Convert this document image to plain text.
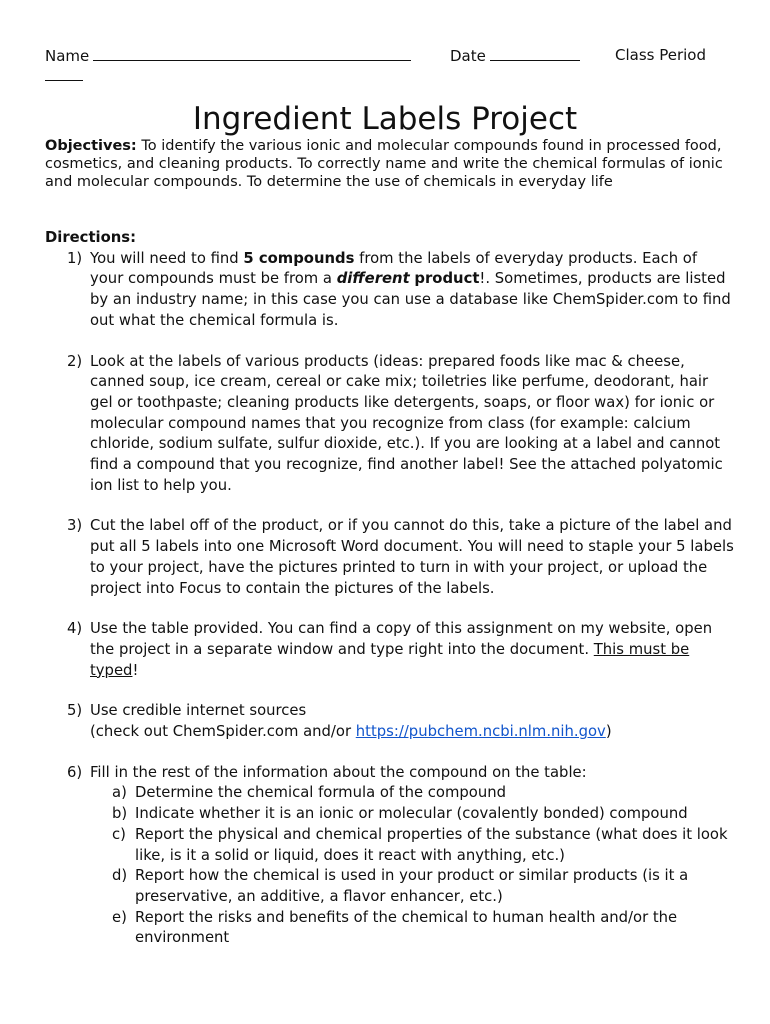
Name	Date	Class Period
Ingredient Labels Project

Objectives: To identify the various ionic and molecular compounds found in processed food, cosmetics, and cleaning products. To correctly name and write the chemical formulas of ionic and molecular compounds. To determine the use of chemicals in everyday life

Directions:

1) You will need to find 5 compounds from the labels of everyday products. Each of your compounds must be from a different product!. Sometimes, products are listed by an industry name; in this case you can use a database like ChemSpider.com to find out what the chemical formula is.
2) Look at the labels of various products (ideas: prepared foods like mac & cheese, canned soup, ice cream, cereal or cake mix; toiletries like perfume, deodorant, hair gel or toothpaste; cleaning products like detergents, soaps, or floor wax) for ionic or molecular compound names that you recognize from class (for example: calcium chloride, sodium sulfate, sulfur dioxide, etc.). If you are looking at a label and cannot find a compound that you recognize, find another label! See the attached polyatomic ion list to help you.
3) Cut the label off of the product, or if you cannot do this, take a picture of the label and put all 5 labels into one Microsoft Word document. You will need to staple your 5 labels to your project, have the pictures printed to turn in with your project, or upload the project into Focus to contain the pictures of the labels.
4) Use the table provided. You can find a copy of this assignment on my website, open the project in a separate window and type right into the document. This must be typed!
5) Use credible internet sources
(check out ChemSpider.com and/or https://pubchem.ncbi.nlm.nih.gov)
6) Fill in the rest of the information about the compound on the table:
a) Determine the chemical formula of the compound
b) Indicate whether it is an ionic or molecular (covalently bonded) compound
c) Report the physical and chemical properties of the substance (what does it look like, is it a solid or liquid, does it react with anything, etc.)
d) Report how the chemical is used in your product or similar products (is it a preservative, an additive, a flavor enhancer, etc.)
e) Report the risks and benefits of the chemical to human health and/or the environment
